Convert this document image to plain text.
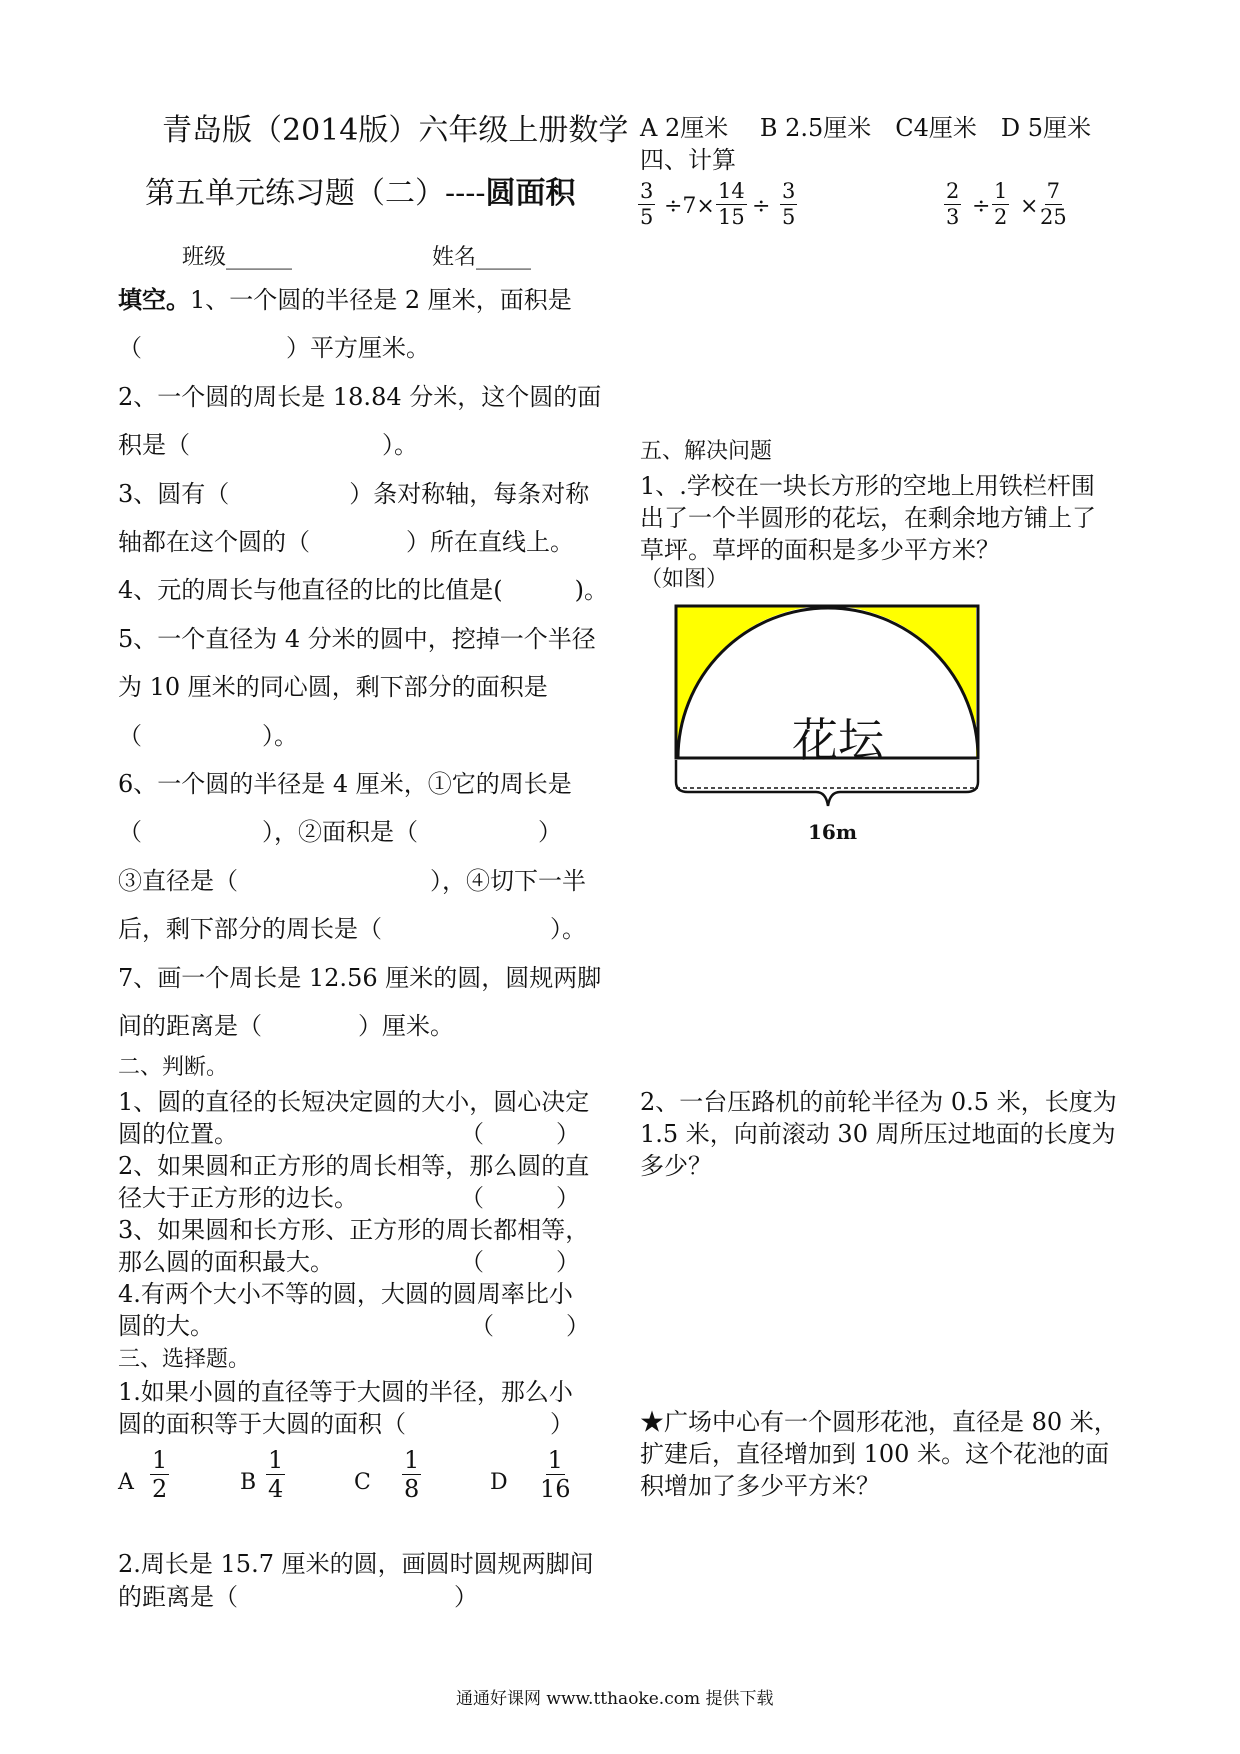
青岛版（2014版）六年级上册数学
第五单元练习题（二）----圆面积
班级______	姓名_____
填空。1、一个圆的半径是 2 厘米，面积是
（　　　　　　）平方厘米。
2、一个圆的周长是 18.84 分米，这个圆的面
积是（　　　　　　　　）。
3、圆有（　　　　　）条对称轴，每条对称
轴都在这个圆的（　　　　）所在直线上。
4、元的周长与他直径的比的比值是(　　　)。
5、一个直径为 4 分米的圆中，挖掉一个半径
为 10 厘米的同心圆，剩下部分的面积是
（　　　　　）。
6、一个圆的半径是 4 厘米，①它的周长是
（　　　　　），②面积是（　　　　　）
③直径是（　　　　　　　　），④切下一半
后，剩下部分的周长是（　　　　　　　）。
7、画一个周长是 12.56 厘米的圆，圆规两脚
间的距离是（　　　　）厘米。
二、判断。
1、圆的直径的长短决定圆的大小，圆心决定
圆的位置。	（　　　）
2、如果圆和正方形的周长相等，那么圆的直
径大于正方形的边长。	（　　　）
3、如果圆和长方形、正方形的周长都相等，
那么圆的面积最大。	（　　　）
4.有两个大小不等的圆，大圆的圆周率比小
圆的大。	（　　　）
三、选择题。
1.如果小圆的直径等于大圆的半径，那么小
圆的面积等于大圆的面积（　　　　　　）
A $\frac{1}{2}$	B $\frac{1}{4}$	C $\frac{1}{8}$	D $\frac{1}{16}$
2.周长是 15.7 厘米的圆，画圆时圆规两脚间
的距离是（　　　　　　　　　）
A 2厘米　 B 2.5厘米　C4厘米　D 5厘米
四、计算
$\frac{3}{5} \div 7\times \frac{14}{15} \div \frac{3}{5}$	$\frac{2}{3} \div \frac{1}{2} \times \frac{7}{25}$
五、解决问题
1、.学校在一块长方形的空地上用铁栏杆围
出了一个半圆形的花坛，在剩余地方铺上了
草坪。草坪的面积是多少平方米？
（如图）
花坛
16m
2、一台压路机的前轮半径为 0.5 米，长度为
1.5 米，向前滚动 30 周所压过地面的长度为
多少？
★广场中心有一个圆形花池，直径是 80 米，
扩建后，直径增加到 100 米。这个花池的面
积增加了多少平方米？
通通好课网 www.tthaoke.com 提供下载
